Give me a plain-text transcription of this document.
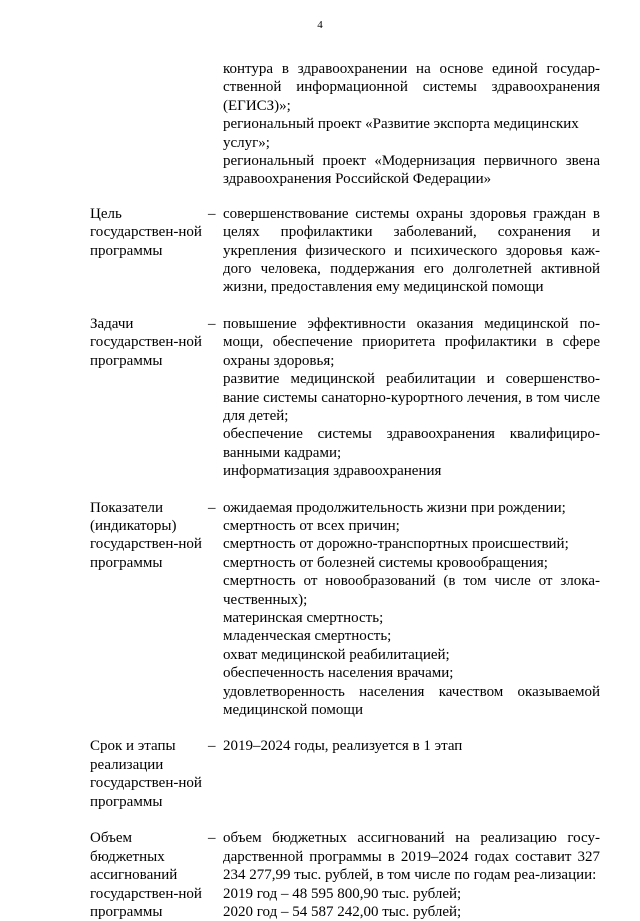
4

контура в здравоохранении на основе единой государ-ственной информационной системы здравоохранения (ЕГИСЗ)»;

региональный проект «Развитие экспорта медицинских услуг»;

региональный проект «Модернизация первичного звена здравоохранения Российской Федерации»

Цель государствен-ной программы
– совершенствование системы охраны здоровья граждан в целях профилактики заболеваний, сохранения и укрепления физического и психического здоровья каж-дого человека, поддержания его долголетней активной жизни, предоставления ему медицинской помощи

Задачи государствен-ной программы
– повышение эффективности оказания медицинской по-мощи, обеспечение приоритета профилактики в сфере охраны здоровья;

развитие медицинской реабилитации и совершенство-вание системы санаторно-курортного лечения, в том числе для детей;

обеспечение системы здравоохранения квалифициро-ванными кадрами;

информатизация здравоохранения

Показатели (индикаторы) государствен-ной программы
– ожидаемая продолжительность жизни при рождении;

смертность от всех причин;

смертность от дорожно-транспортных происшествий;

смертность от болезней системы кровообращения;

смертность от новообразований (в том числе от злока-чественных);

материнская смертность;

младенческая смертность;

охват медицинской реабилитацией;

обеспеченность населения врачами;

удовлетворенность населения качеством оказываемой медицинской помощи

Срок и этапы реализации государствен-ной программы
– 2019–2024 годы, реализуется в 1 этап

Объем бюджетных ассигнований государствен-ной программы
– объем бюджетных ассигнований на реализацию госу-дарственной программы в 2019–2024 годах составит 327 234 277,99 тыс. рублей, в том числе по годам реа-лизации:

2019 год – 48 595 800,90 тыс. рублей;

2020 год – 54 587 242,00 тыс. рублей;
